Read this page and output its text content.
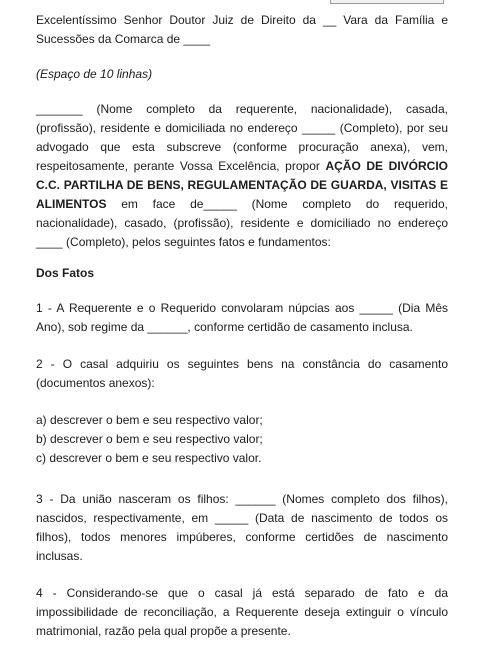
Excelentíssimo Senhor Doutor Juiz de Direito da __ Vara da Família e Sucessões da Comarca de ____

(Espaço de 10 linhas)

_______ (Nome completo da requerente, nacionalidade), casada, (profissão), residente e domiciliada no endereço _____ (Completo), por seu advogado que esta subscreve (conforme procuração anexa), vem, respeitosamente, perante Vossa Excelência, propor AÇÃO DE DIVÓRCIO C.C. PARTILHA DE BENS, REGULAMENTAÇÃO DE GUARDA, VISITAS E ALIMENTOS em face de_____ (Nome completo do requerido, nacionalidade), casado, (profissão), residente e domiciliado no endereço ____ (Completo), pelos seguintes fatos e fundamentos:

Dos Fatos

1 - A Requerente e o Requerido convolaram núpcias aos _____ (Dia Mês Ano), sob regime da ______, conforme certidão de casamento inclusa.

2 - O casal adquiriu os seguintes bens na constância do casamento (documentos anexos):

a) descrever o bem e seu respectivo valor;
b) descrever o bem e seu respectivo valor;
c) descrever o bem e seu respectivo valor.

3 - Da união nasceram os filhos: ______ (Nomes completo dos filhos), nascidos, respectivamente, em _____ (Data de nascimento de todos os filhos), todos menores impúberes, conforme certidões de nascimento inclusas.

4 - Considerando-se que o casal já está separado de fato e da impossibilidade de reconciliação, a Requerente deseja extinguir o vínculo matrimonial, razão pela qual propõe a presente.
